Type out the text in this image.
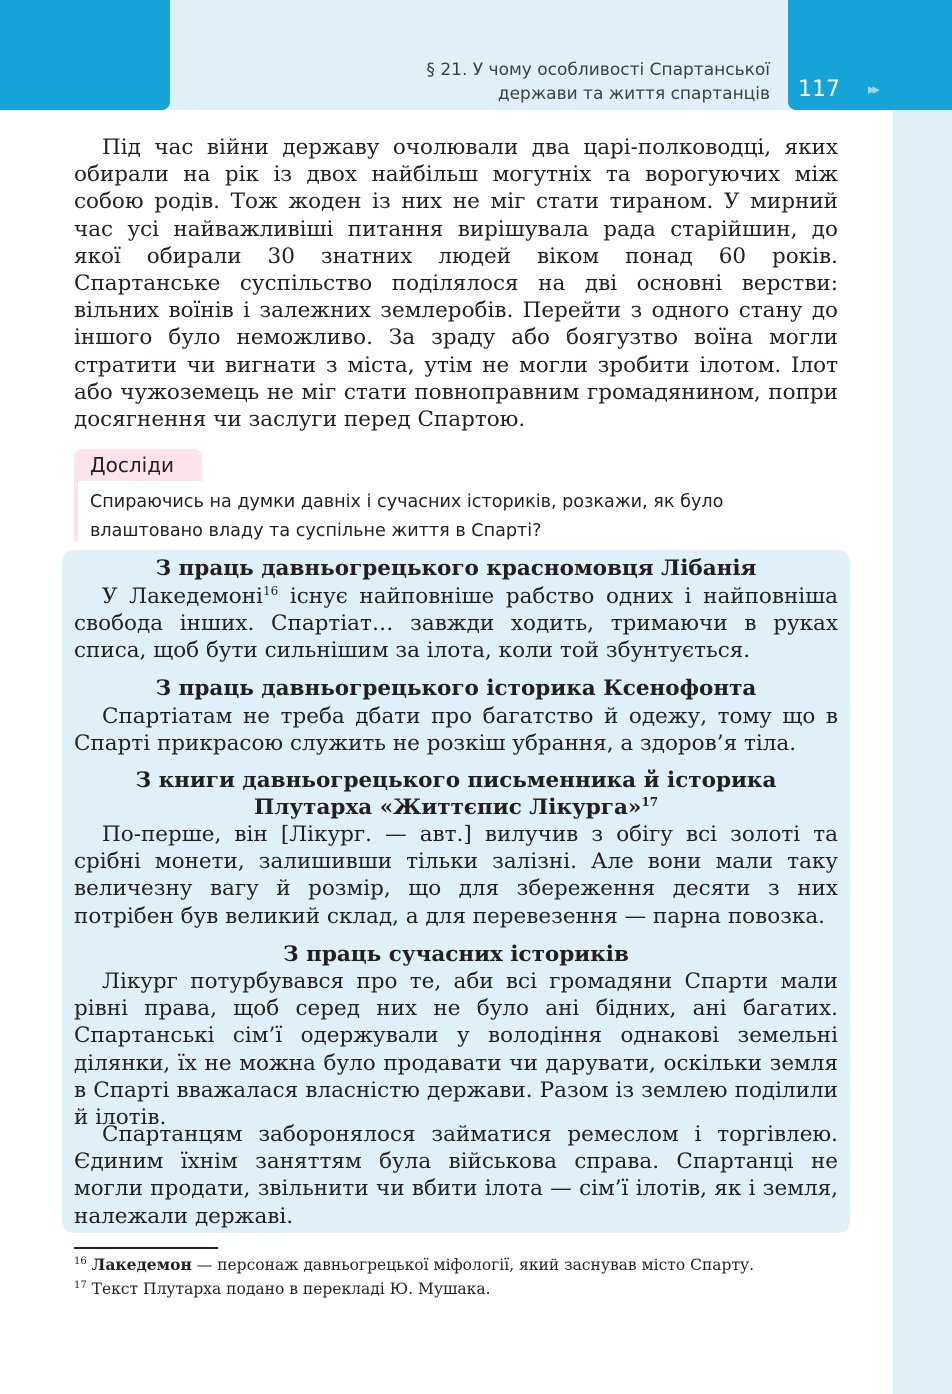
§ 21. У чому особливості Спартанської
держави та життя спартанців 117 ▸▸

Під час війни державу очолювали два царі-полководці, яких обирали на рік із двох найбільш могутніх та ворогуючих між собою родів. Тож жоден із них не міг стати тираном. У мирний час усі найважливіші питання вирішувала рада старійшин, до якої обирали 30 знатних людей віком понад 60 років. Спартанське суспільство поділялося на дві основні верстви: вільних воїнів і залежних землеробів. Перейти з одного стану до іншого було неможливо. За зраду або боягузтво воїна могли стратити чи вигнати з міста, утім не могли зробити ілотом. Ілот або чужоземець не міг стати повноправним громадянином, попри досягнення чи заслуги перед Спартою.

Досліди
Спираючись на думки давніх і сучасних істориків, розкажи, як було влаштовано владу та суспільне життя в Спарті?
З праць давньогрецького красномовця Лібанія

У Лакедемоні$^{16}$ існує найповніше рабство одних і найповніша свобода інших. Спартіат… завжди ходить, тримаючи в руках списа, щоб бути сильнішим за ілота, коли той збунтується.

З праць давньогрецького історика Ксенофонта

Спартіатам не треба дбати про багатство й одежу, тому що в Спарті прикрасою служить не розкіш убрання, а здоров’я тіла.

З книги давньогрецького письменника й історика
Плутарха «Життєпис Лікурга»$^{17}$

По-перше, він [Лікург. — авт.] вилучив з обігу всі золоті та срібні монети, залишивши тільки залізні. Але вони мали таку величезну вагу й розмір, що для збереження десяти з них потрібен був великий склад, а для перевезення — парна повозка.

З праць сучасних істориків

Лікург потурбувався про те, аби всі громадяни Спарти мали рівні права, щоб серед них не було ані бідних, ані багатих. Спартанські сім’ї одержували у володіння однакові земельні ділянки, їх не можна було продавати чи дарувати, оскільки земля в Спарті вважалася власністю держави. Разом із землею поділили й ілотів.

Спартанцям заборонялося займатися ремеслом і торгівлею. Єдиним їхнім заняттям була військова справа. Спартанці не могли продати, звільнити чи вбити ілота — сім’ї ілотів, як і земля, належали державі.

$^{16}$ Лакедемон — персонаж давньогрецької міфології, який заснував місто Спарту.
$^{17}$ Текст Плутарха подано в перекладі Ю. Мушака.
